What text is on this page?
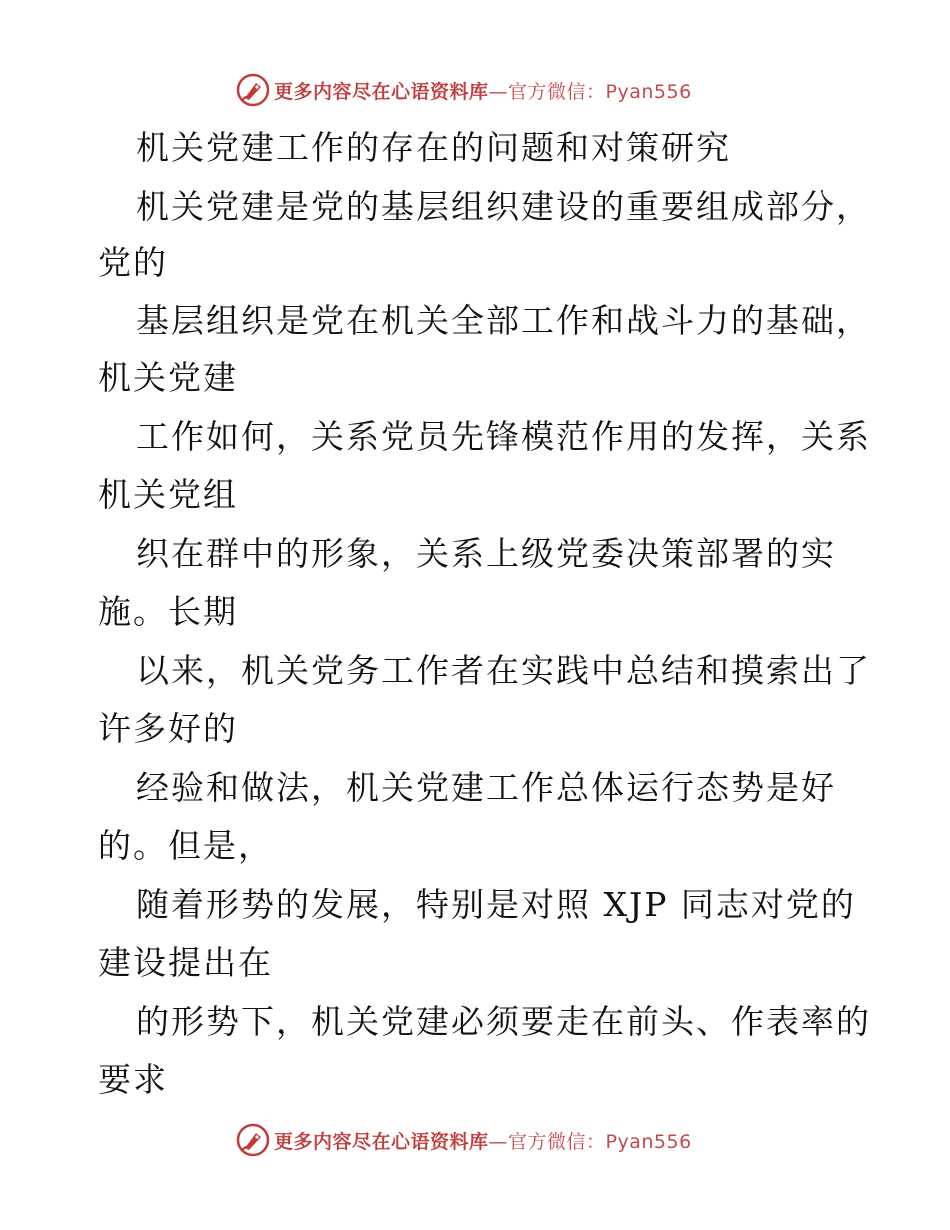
更多内容尽在心语资料库—官方微信：Pyan556
机关党建工作的存在的问题和对策研究
机关党建是党的基层组织建设的重要组成部分，
党的
基层组织是党在机关全部工作和战斗力的基础，
机关党建
工作如何，关系党员先锋模范作用的发挥，关系
机关党组
织在群中的形象，关系上级党委决策部署的实
施。长期
以来，机关党务工作者在实践中总结和摸索出了
许多好的
经验和做法，机关党建工作总体运行态势是好
的。但是，
随着形势的发展，特别是对照 XJP 同志对党的
建设提出在
的形势下，机关党建必须要走在前头、作表率的
要求
更多内容尽在心语资料库—官方微信：Pyan556
